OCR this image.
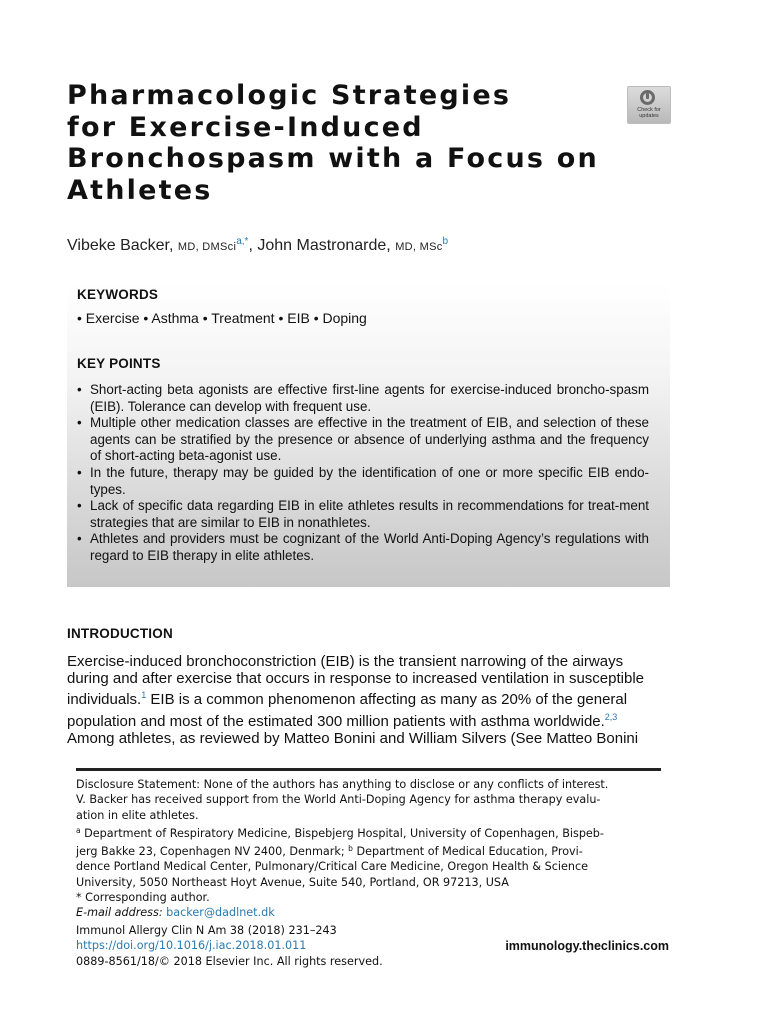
Pharmacologic Strategies
for Exercise-Induced
Bronchospasm with a Focus on
Athletes
Check for
updates
Vibeke Backer, MD, DMSci$^{a,*}$, John Mastronarde, MD, MSc$^b$
KEYWORDS
• Exercise • Asthma • Treatment • EIB • Doping
KEY POINTS
• Short-acting beta agonists are effective first-line agents for exercise-induced broncho-spasm (EIB). Tolerance can develop with frequent use.
• Multiple other medication classes are effective in the treatment of EIB, and selection of these agents can be stratified by the presence or absence of underlying asthma and the frequency of short-acting beta-agonist use.
• In the future, therapy may be guided by the identification of one or more specific EIB endo-types.
• Lack of specific data regarding EIB in elite athletes results in recommendations for treat-ment strategies that are similar to EIB in nonathletes.
• Athletes and providers must be cognizant of the World Anti-Doping Agency’s regulations with regard to EIB therapy in elite athletes.
INTRODUCTION

Exercise-induced bronchoconstriction (EIB) is the transient narrowing of the airways
during and after exercise that occurs in response to increased ventilation in susceptible
individuals.$^1$ EIB is a common phenomenon affecting as many as 20% of the general
population and most of the estimated 300 million patients with asthma worldwide.$^{2,3}$
Among athletes, as reviewed by Matteo Bonini and William Silvers (See Matteo Bonini

Disclosure Statement: None of the authors has anything to disclose or any conflicts of interest.
V. Backer has received support from the World Anti-Doping Agency for asthma therapy evalu-
ation in elite athletes.
$^a$ Department of Respiratory Medicine, Bispebjerg Hospital, University of Copenhagen, Bispeb-
jerg Bakke 23, Copenhagen NV 2400, Denmark; $^b$ Department of Medical Education, Provi-
dence Portland Medical Center, Pulmonary/Critical Care Medicine, Oregon Health & Science
University, 5050 Northeast Hoyt Avenue, Suite 540, Portland, OR 97213, USA
* Corresponding author.
E-mail address: backer@dadlnet.dk
Immunol Allergy Clin N Am 38 (2018) 231–243
https://doi.org/10.1016/j.iac.2018.01.011
0889-8561/18/© 2018 Elsevier Inc. All rights reserved.
immunology.theclinics.com
